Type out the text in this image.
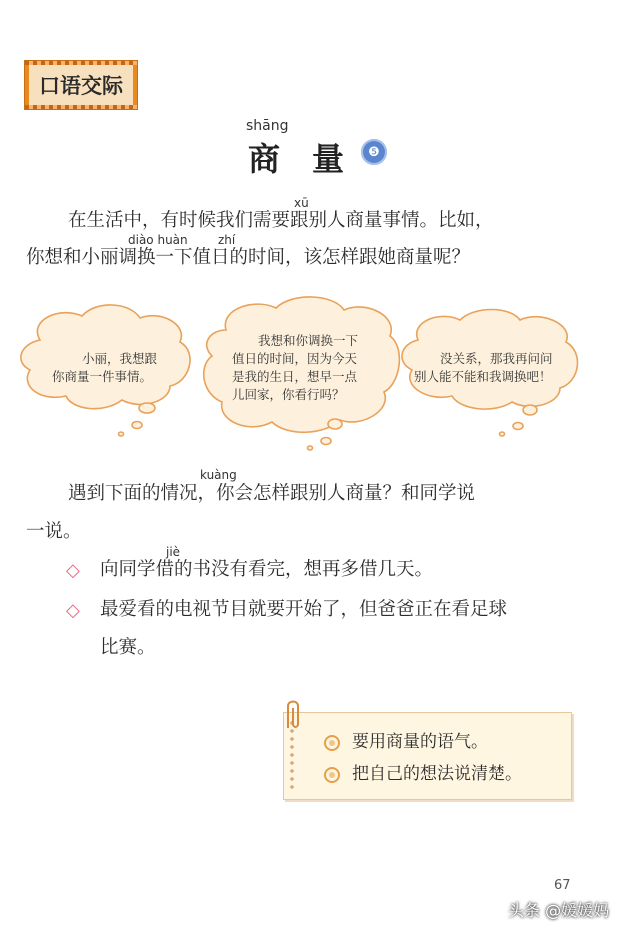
口语交际
shāng
商 量	❺
xū
在生活中，有时候我们需要跟别人商量事情。比如，
diào huàn	zhí
你想和小丽调换一下值日的时间，该怎样跟她商量呢？
小丽，我想跟
你商量一件事情。
我想和你调换一下
值日的时间，因为今天
是我的生日，想早一点
儿回家，你看行吗？
没关系，那我再问问
别人能不能和我调换吧！
kuàng
遇到下面的情况，你会怎样跟别人商量？和同学说
一说。
jiè
◇ 向同学借的书没有看完，想再多借几天。
◇ 最爱看的电视节目就要开始了，但爸爸正在看足球
比赛。
要用商量的语气。
把自己的想法说清楚。
67
头条 @媛媛妈
